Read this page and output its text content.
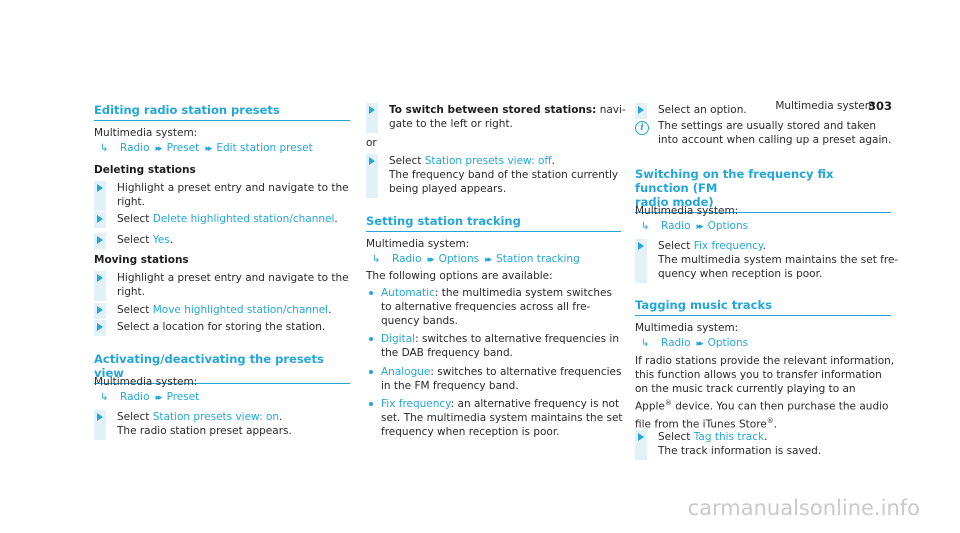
Multimedia system
303
Editing radio station presets
Multimedia system:
↳ Radio ▸▸ Preset ▸▸ Edit station preset
Deleting stations
Highlight a preset entry and navigate to the
right.
Select Delete highlighted station/channel.
Select Yes.
Moving stations
Highlight a preset entry and navigate to the
right.
Select Move highlighted station/channel.
Select a location for storing the station.
Activating/deactivating the presets view
Multimedia system:
↳ Radio ▸▸ Preset
Select Station presets view: on.
The radio station preset appears.
To switch between stored stations: navi-
gate to the left or right.
or
Select Station presets view: off.
The frequency band of the station currently
being played appears.
Setting station tracking
Multimedia system:
↳ Radio ▸▸ Options ▸▸ Station tracking
The following options are available:
Automatic: the multimedia system switches
to alternative frequencies across all fre-
quency bands.
Digital: switches to alternative frequencies in
the DAB frequency band.
Analogue: switches to alternative frequencies
in the FM frequency band.
Fix frequency: an alternative frequency is not
set. The multimedia system maintains the set
frequency when reception is poor.
Select an option.
i	The settings are usually stored and taken
into account when calling up a preset again.
Switching on the frequency fix function (FM
radio mode)
Multimedia system:
↳ Radio ▸▸ Options
Select Fix frequency.
The multimedia system maintains the set fre-
quency when reception is poor.
Tagging music tracks
Multimedia system:
↳ Radio ▸▸ Options
If radio stations provide the relevant information,
this function allows you to transfer information
on the music track currently playing to an
Apple® device. You can then purchase the audio
file from the iTunes Store®.
Select Tag this track.
The track information is saved.
carmanualsonline.info
